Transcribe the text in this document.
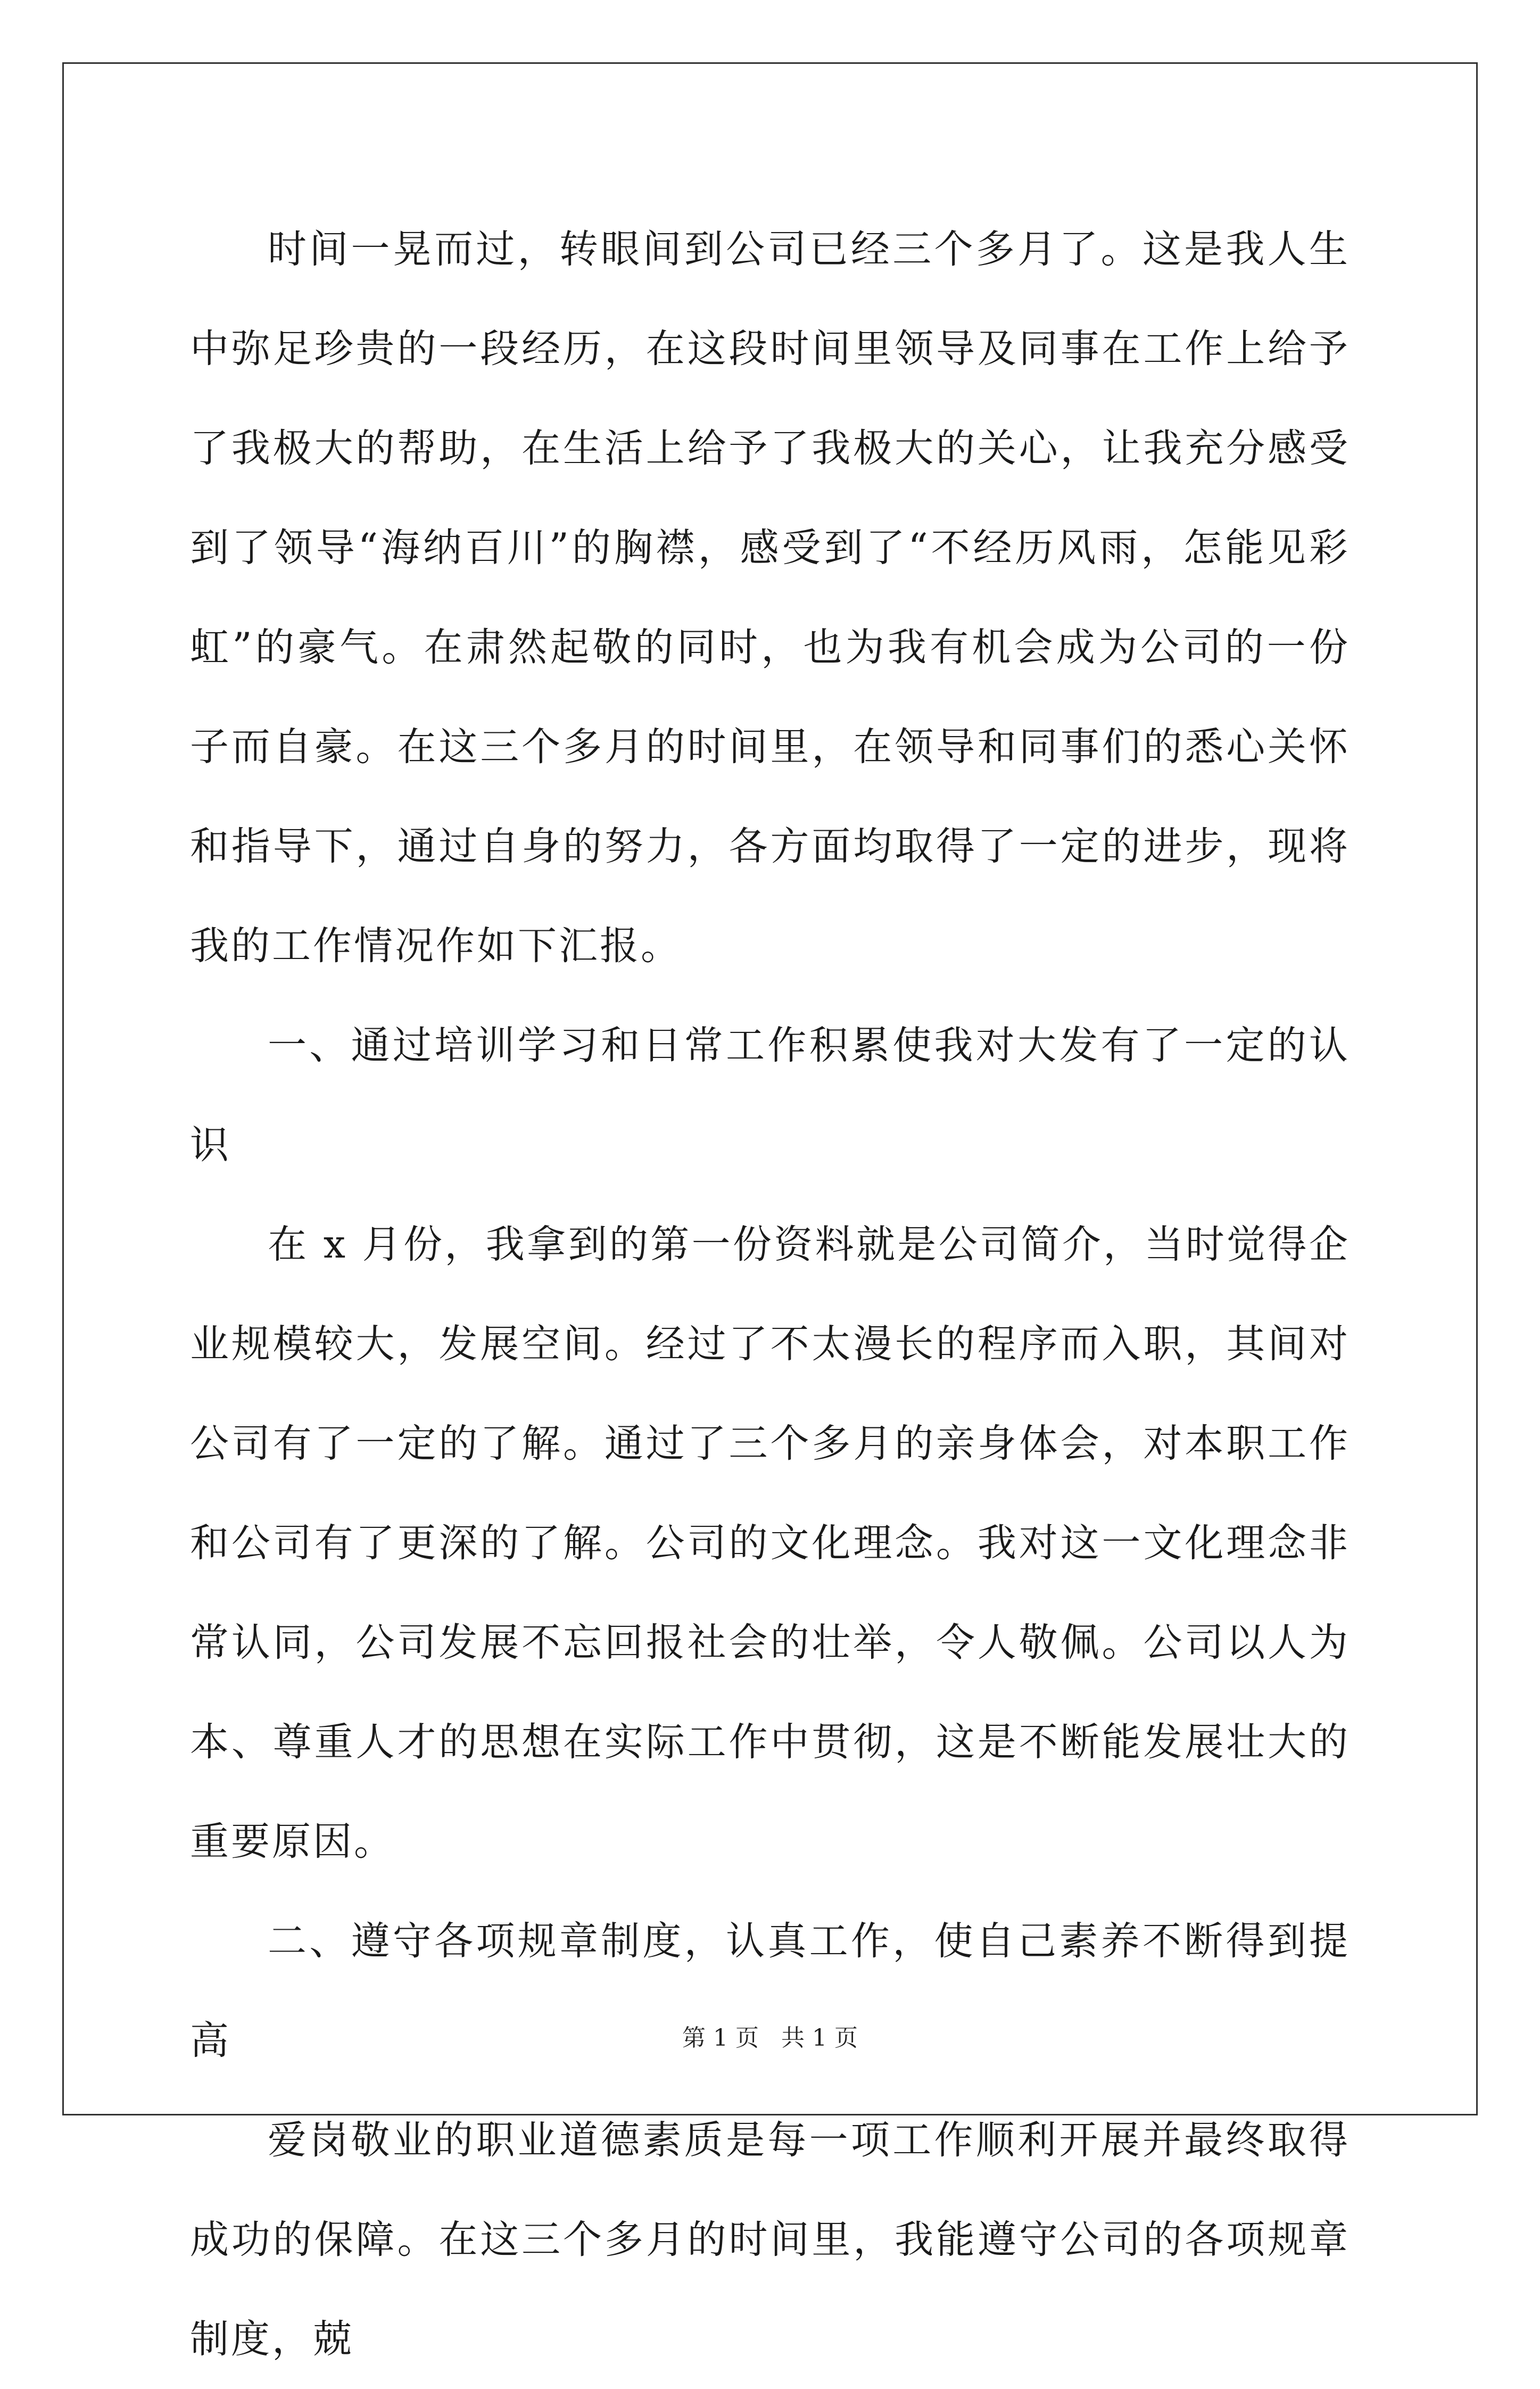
时间一晃而过，转眼间到公司已经三个多月了。这是我人生中弥足珍贵的一段经历，在这段时间里领导及同事在工作上给予了我极大的帮助，在生活上给予了我极大的关心，让我充分感受到了领导“海纳百川”的胸襟，感受到了“不经历风雨，怎能见彩虹”的豪气。在肃然起敬的同时，也为我有机会成为公司的一份子而自豪。在这三个多月的时间里，在领导和同事们的悉心关怀和指导下，通过自身的努力，各方面均取得了一定的进步，现将我的工作情况作如下汇报。

一、通过培训学习和日常工作积累使我对大发有了一定的认识

在 x 月份，我拿到的第一份资料就是公司简介，当时觉得企业规模较大，发展空间。经过了不太漫长的程序而入职，其间对公司有了一定的了解。通过了三个多月的亲身体会，对本职工作和公司有了更深的了解。公司的文化理念。我对这一文化理念非常认同，公司发展不忘回报社会的壮举，令人敬佩。公司以人为本、尊重人才的思想在实际工作中贯彻，这是不断能发展壮大的重要原因。

二、遵守各项规章制度，认真工作，使自己素养不断得到提高

爱岗敬业的职业道德素质是每一项工作顺利开展并最终取得成功的保障。在这三个多月的时间里，我能遵守公司的各项规章制度，兢

第 1 页 共 1 页
